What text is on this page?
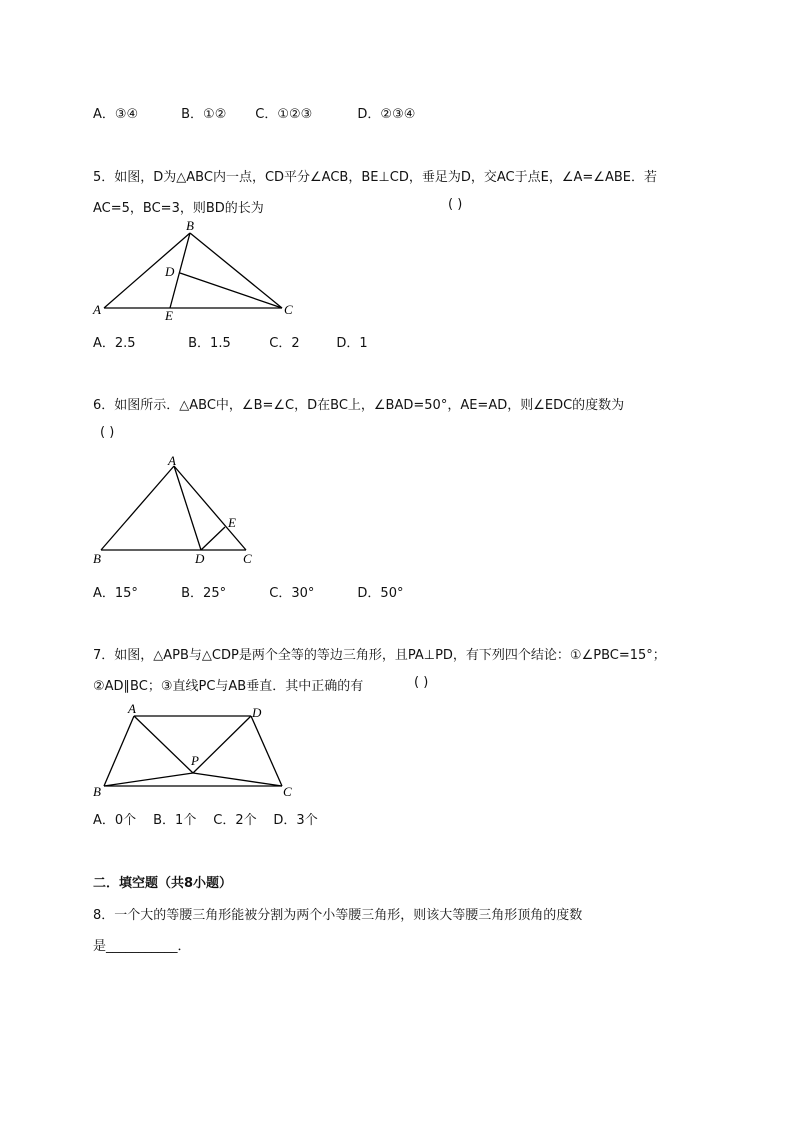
A．③④	B．①② C．①②③	D．②③④
5．如图，D为△ABC内一点，CD平分∠ACB，BE⊥CD，垂足为D，交AC于点E，∠A=∠ABE．若
AC=5，BC=3，则BD的长为	( )
B
D
A	E	C
A．2.5	B．1.5	C．2	D．1
6．如图所示．△ABC中，∠B=∠C，D在BC上，∠BAD=50°，AE=AD，则∠EDC的度数为
( )
A
E
B	D	C
A．15°	B．25°	C．30°	D．50°
7．如图，△APB与△CDP是两个全等的等边三角形，且PA⊥PD，有下列四个结论：①∠PBC=15°；
②AD∥BC；③直线PC与AB垂直．其中正确的有	( )
A	D
P
B	C
A．0个 B．1个 C．2个 D．3个
二．填空题（共8小题）
8．一个大的等腰三角形能被分割为两个小等腰三角形，则该大等腰三角形顶角的度数
是___________．
